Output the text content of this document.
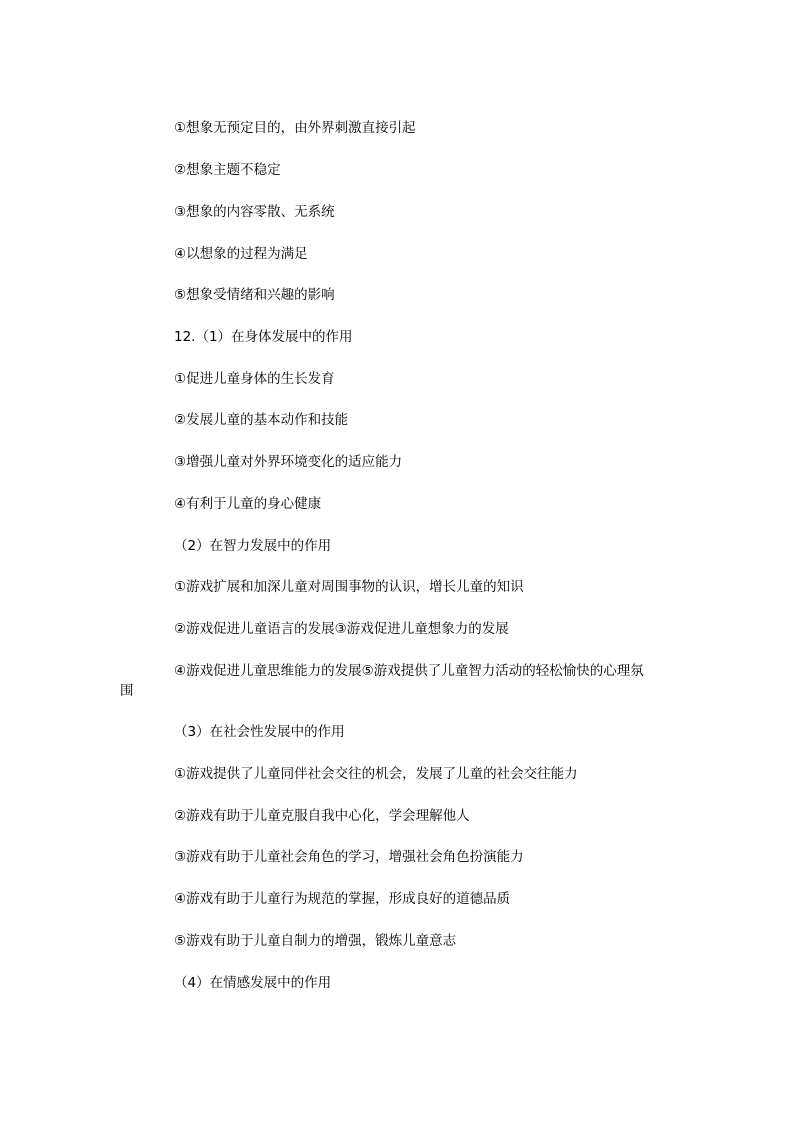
①想象无预定目的，由外界刺激直接引起
②想象主题不稳定
③想象的内容零散、无系统
④以想象的过程为满足
⑤想象受情绪和兴趣的影响
12.（1）在身体发展中的作用
①促进儿童身体的生长发育
②发展儿童的基本动作和技能
③增强儿童对外界环境变化的适应能力
④有利于儿童的身心健康
（2）在智力发展中的作用
①游戏扩展和加深儿童对周围事物的认识，增长儿童的知识
②游戏促进儿童语言的发展③游戏促进儿童想象力的发展
④游戏促进儿童思维能力的发展⑤游戏提供了儿童智力活动的轻松愉快的心理氛
围
（3）在社会性发展中的作用
①游戏提供了儿童同伴社会交往的机会，发展了儿童的社会交往能力
②游戏有助于儿童克服自我中心化，学会理解他人
③游戏有助于儿童社会角色的学习，增强社会角色扮演能力
④游戏有助于儿童行为规范的掌握，形成良好的道德品质
⑤游戏有助于儿童自制力的增强，锻炼儿童意志
（4）在情感发展中的作用
